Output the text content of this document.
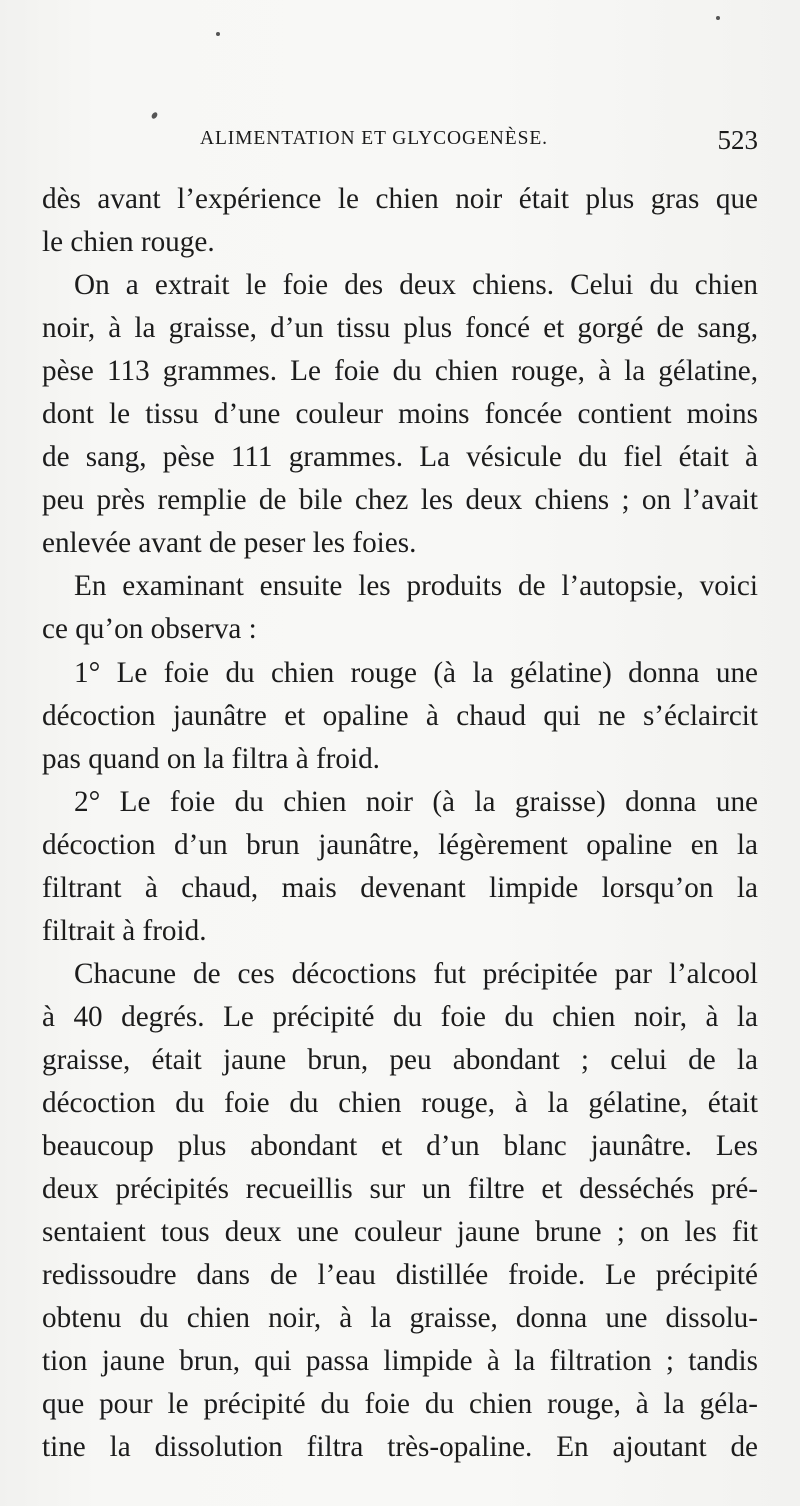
ALIMENTATION ET GLYCOGENÈSE.	523
dès avant l’expérience le chien noir était plus gras que
le chien rouge.
On a extrait le foie des deux chiens. Celui du chien
noir, à la graisse, d’un tissu plus foncé et gorgé de sang,
pèse 113 grammes. Le foie du chien rouge, à la gélatine,
dont le tissu d’une couleur moins foncée contient moins
de sang, pèse 111 grammes. La vésicule du fiel était à
peu près remplie de bile chez les deux chiens ; on l’avait
enlevée avant de peser les foies.
En examinant ensuite les produits de l’autopsie, voici
ce qu’on observa :
1° Le foie du chien rouge (à la gélatine) donna une
décoction jaunâtre et opaline à chaud qui ne s’éclaircit
pas quand on la filtra à froid.
2° Le foie du chien noir (à la graisse) donna une
décoction d’un brun jaunâtre, légèrement opaline en la
filtrant à chaud, mais devenant limpide lorsqu’on la
filtrait à froid.
Chacune de ces décoctions fut précipitée par l’alcool
à 40 degrés. Le précipité du foie du chien noir, à la
graisse, était jaune brun, peu abondant ; celui de la
décoction du foie du chien rouge, à la gélatine, était
beaucoup plus abondant et d’un blanc jaunâtre. Les
deux précipités recueillis sur un filtre et desséchés pré-
sentaient tous deux une couleur jaune brune ; on les fit
redissoudre dans de l’eau distillée froide. Le précipité
obtenu du chien noir, à la graisse, donna une dissolu-
tion jaune brun, qui passa limpide à la filtration ; tandis
que pour le précipité du foie du chien rouge, à la géla-
tine la dissolution filtra très-opaline. En ajoutant de
